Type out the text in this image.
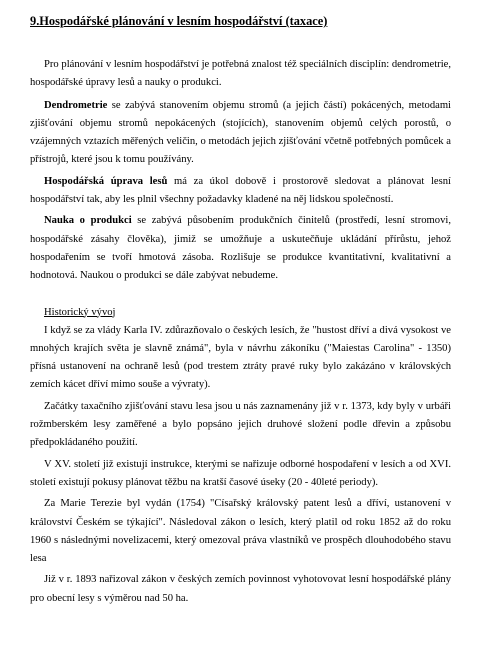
9.Hospodářské plánování v lesním hospodářství (taxace)

Pro plánování v lesním hospodářství je potřebná znalost též speciálních disciplín: dendrometrie, hospodářské úpravy lesů a nauky o produkci.

Dendrometrie se zabývá stanovením objemu stromů (a jejich částí) pokácených, metodami zjišťování objemu stromů nepokácených (stojících), stanovením objemů celých porostů, o vzájemných vztazích měřených veličin, o metodách jejich zjišťování včetně potřebných pomůcek a přístrojů, které jsou k tomu používány.

Hospodářská úprava lesů má za úkol dobově i prostorově sledovat a plánovat lesní hospodářství tak, aby les plnil všechny požadavky kladené na něj lidskou společností.

Nauka o produkci se zabývá působením produkčních činitelů (prostředí, lesní stromovi, hospodářské zásahy člověka), jimiž se umožňuje a uskutečňuje ukládání přírůstu, jehož hospodařením se tvoří hmotová zásoba. Rozlišuje se produkce kvantitativní, kvalitativní a hodnotová. Naukou o produkci se dále zabývat nebudeme.

Historický vývoj

I když se za vlády Karla IV. zdůrazňovalo o českých lesích, že "hustost dříví a divá vysokost ve mnohých krajích světa je slavně známá", byla v návrhu zákoníku ("Maiestas Carolina" - 1350) přísná ustanovení na ochraně lesů (pod trestem ztráty pravé ruky bylo zakázáno v královských zemích kácet dříví mimo souše a vývraty).

Začátky taxačního zjišťování stavu lesa jsou u nás zaznamenány již v r. 1373, kdy byly v urbáři rožmberském lesy zaměřené a bylo popsáno jejich druhové složení podle dřevin a způsobu předpokládaného použití.

V XV. století již existují instrukce, kterými se nařizuje odborné hospodaření v lesích a od XVI. století existují pokusy plánovat těžbu na kratší časové úseky (20 - 40leté periody).

Za Marie Terezie byl vydán (1754) "Císařský královský patent lesů a dříví, ustanovení v království Českém se týkající". Následoval zákon o lesích, který platil od roku 1852 až do roku 1960 s následnými novelizacemi, který omezoval práva vlastníků ve prospěch dlouhodobého stavu lesa

Již v r. 1893 nařizoval zákon v českých zemích povinnost vyhotovovat lesní hospodářské plány pro obecní lesy s výměrou nad 50 ha.
